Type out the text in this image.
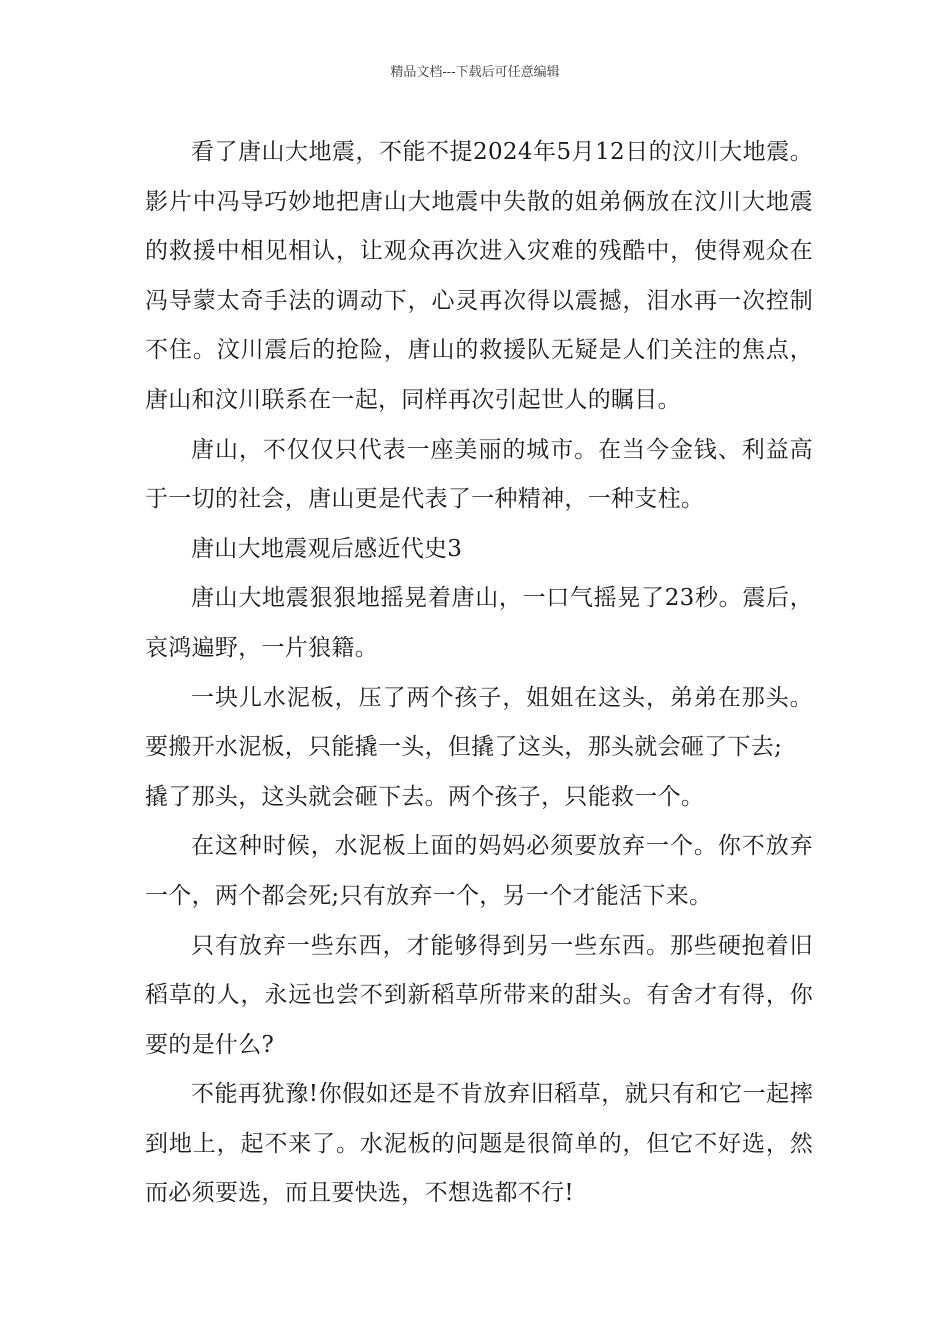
精品文档---下载后可任意编辑

看了唐山大地震，不能不提2024年5月12日的汶川大地震。影片中冯导巧妙地把唐山大地震中失散的姐弟俩放在汶川大地震的救援中相见相认，让观众再次进入灾难的残酷中，使得观众在冯导蒙太奇手法的调动下，心灵再次得以震撼，泪水再一次控制不住。汶川震后的抢险，唐山的救援队无疑是人们关注的焦点，唐山和汶川联系在一起，同样再次引起世人的瞩目。

唐山，不仅仅只代表一座美丽的城市。在当今金钱、利益高于一切的社会，唐山更是代表了一种精神，一种支柱。

唐山大地震观后感近代史3

唐山大地震狠狠地摇晃着唐山，一口气摇晃了23秒。震后，哀鸿遍野，一片狼籍。

一块儿水泥板，压了两个孩子，姐姐在这头，弟弟在那头。要搬开水泥板，只能撬一头，但撬了这头，那头就会砸了下去;

撬了那头，这头就会砸下去。两个孩子，只能救一个。

在这种时候，水泥板上面的妈妈必须要放弃一个。你不放弃一个，两个都会死;只有放弃一个，另一个才能活下来。

只有放弃一些东西，才能够得到另一些东西。那些硬抱着旧稻草的人，永远也尝不到新稻草所带来的甜头。有舍才有得，你要的是什么?

不能再犹豫!你假如还是不肯放弃旧稻草，就只有和它一起摔到地上，起不来了。水泥板的问题是很简单的，但它不好选，然而必须要选，而且要快选，不想选都不行!
